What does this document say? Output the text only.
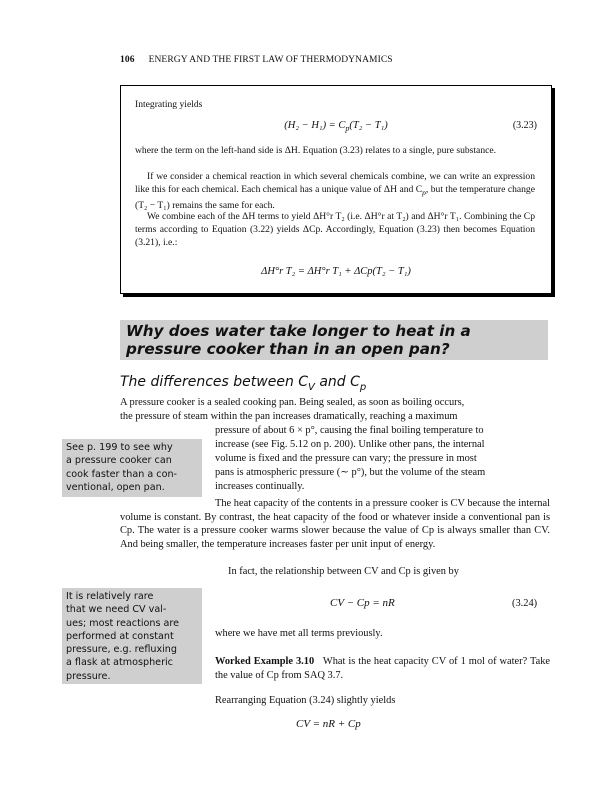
106 ENERGY AND THE FIRST LAW OF THERMODYNAMICS
Integrating yields
$(H_2 - H_1) = C_p(T_2 - T_1)$	(3.23)
where the term on the left-hand side is ΔH. Equation (3.23) relates to a single, pure substance.
If we consider a chemical reaction in which several chemicals combine, we can write an expression like this for each chemical. Each chemical has a unique value of ΔH and $C_p$, but the temperature change (T₂ − T₁) remains the same for each.
We combine each of the ΔH terms to yield ΔH°r T₂ (i.e. ΔH°r at T₂) and ΔH°r T₁. Combining the Cp terms according to Equation (3.22) yields ΔCp. Accordingly, Equation (3.23) then becomes Equation (3.21), i.e.:
ΔH°r T₂ = ΔH°r T₁ + ΔCp(T₂ − T₁)
Why does water take longer to heat in a pressure cooker than in an open pan?
The differences between $C_V$ and $C_p$
A pressure cooker is a sealed cooking pan. Being sealed, as soon as boiling occurs,
the pressure of steam within the pan increases dramatically, reaching a maximum
pressure of about 6 × p°, causing the final boiling temperature to
increase (see Fig. 5.12 on p. 200). Unlike other pans, the internal
volume is fixed and the pressure can vary; the pressure in most
pans is atmospheric pressure (∼ p°), but the volume of the steam
increases continually.
See p. 199 to see why
a pressure cooker can
cook faster than a con-
ventional, open pan.
The heat capacity of the contents in a pressure cooker is CV because the internal volume is constant. By contrast, the heat capacity of the food or whatever inside a conventional pan is Cp. The water is a pressure cooker warms slower because the value of Cp is always smaller than CV. And being smaller, the temperature increases faster per unit input of energy.
In fact, the relationship between CV and Cp is given by
It is relatively rare
that we need CV val-
ues; most reactions are
performed at constant
pressure, e.g. refluxing
a flask at atmospheric
pressure.
CV − Cp = nR	(3.24)
where we have met all terms previously.
Worked Example 3.10 What is the heat capacity CV of 1 mol of water? Take the value of Cp from SAQ 3.7.
Rearranging Equation (3.24) slightly yields
CV = nR + Cp
